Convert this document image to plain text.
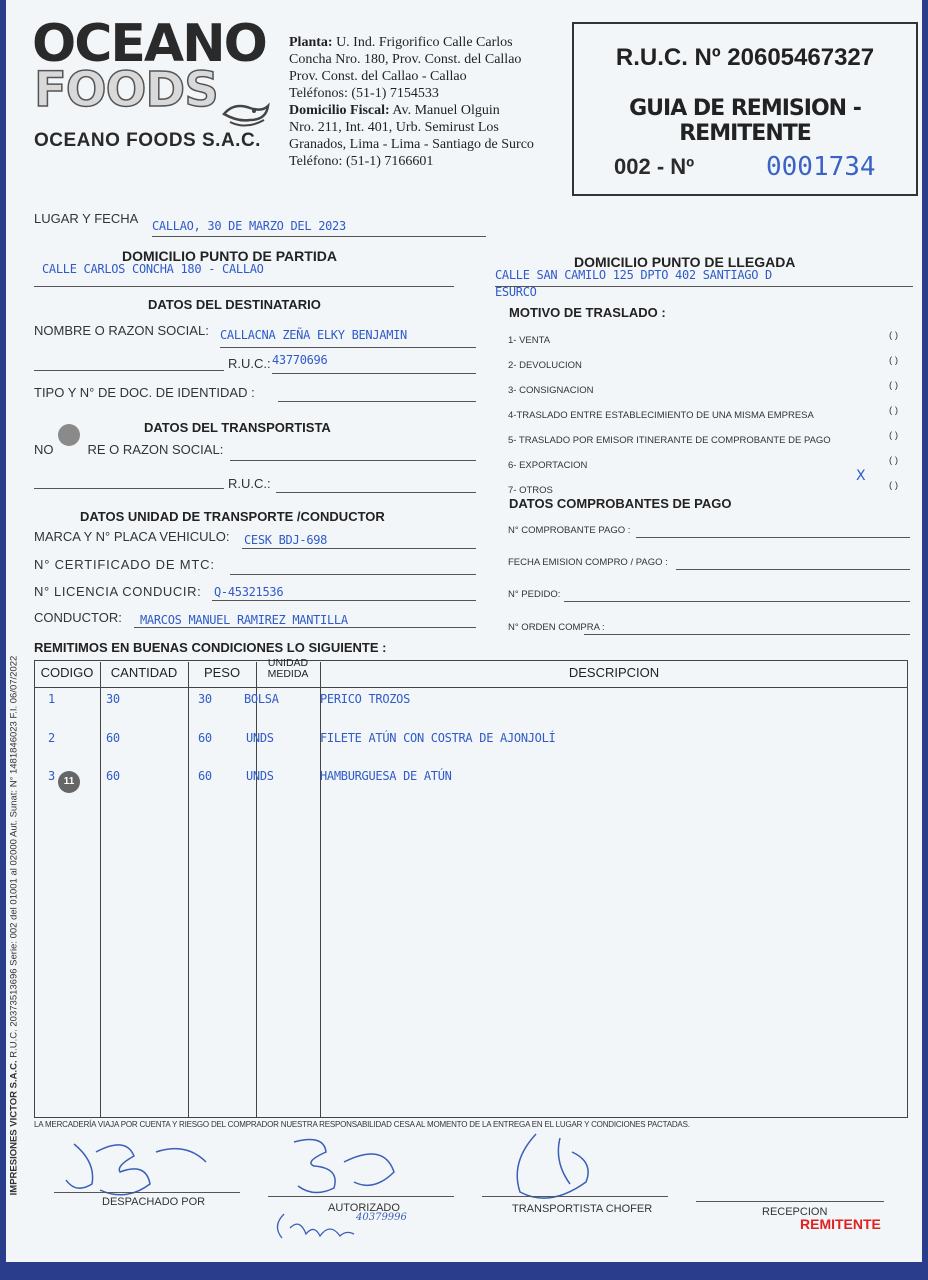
OCEANO
FOODS
OCEANO FOODS S.A.C.
Planta: U. Ind. Frigorifico Calle Carlos
Concha Nro. 180, Prov. Const. del Callao
Prov. Const. del Callao - Callao
Teléfonos: (51-1) 7154533
Domicilio Fiscal: Av. Manuel Olguin
Nro. 211, Int. 401, Urb. Semirust Los
Granados, Lima - Lima - Santiago de Surco
Teléfono: (51-1) 7166601
R.U.C. Nº 20605467327
GUIA DE REMISION - REMITENTE
002 - Nº	0001734
LUGAR Y FECHA CALLAO, 30 DE MARZO DEL 2023
DOMICILIO PUNTO DE PARTIDA
CALLE CARLOS CONCHA 180 - CALLAO	DOMICILIO PUNTO DE LLEGADA
CALLE SAN CAMILO 125 DPTO 402 SANTIAGO D
ESURCO
DATOS DEL DESTINATARIO
NOMBRE O RAZON SOCIAL: CALLACNA ZEÑA ELKY BENJAMIN
R.U.C.: 43770696
TIPO Y N° DE DOC. DE IDENTIDAD :
DATOS DEL TRANSPORTISTA
NO	RE O RAZON SOCIAL:
R.U.C.:
DATOS UNIDAD DE TRANSPORTE /CONDUCTOR
MARCA Y N° PLACA VEHICULO: CESK BDJ-698
N° CERTIFICADO DE MTC:
N° LICENCIA CONDUCIR: Q-45321536
CONDUCTOR: MARCOS MANUEL RAMIREZ MANTILLA
MOTIVO DE TRASLADO :
1- VENTA	( )
2- DEVOLUCION	( )
3- CONSIGNACION	( )
4-TRASLADO ENTRE ESTABLECIMIENTO DE UNA MISMA EMPRESA	( )
5- TRASLADO POR EMISOR ITINERANTE DE COMPROBANTE DE PAGO	( )
6- EXPORTACION	( )
7- OTROS	( )
X
DATOS COMPROBANTES DE PAGO
N° COMPROBANTE PAGO :
FECHA EMISION COMPRO / PAGO :
N° PEDIDO:
N° ORDEN COMPRA :
REMITIMOS EN BUENAS CONDICIONES LO SIGUIENTE :
CODIGO	CANTIDAD	PESO
UNIDAD
MEDIDA	DESCRIPCION
1	30	30	BOLSA	PERICO TROZOS
2	60	60	UNDS	FILETE ATÚN CON COSTRA DE AJONJOLÍ
3	60	60	UNDS	HAMBURGUESA DE ATÚN
11
LA MERCADERÍA VIAJA POR CUENTA Y RIESGO DEL COMPRADOR NUESTRA RESPONSABILIDAD CESA AL MOMENTO DE LA ENTREGA EN EL LUGAR Y CONDICIONES PACTADAS.
DESPACHADO POR	AUTORIZADO	TRANSPORTISTA CHOFER	RECEPCION
REMITENTE
40379996
IMPRESIONES VICTOR S.A.C. R.U.C. 20373513696 Serie: 002 del 01001 al 02000 Aut. Sunat: N° 1481846023 F.I. 06/07/2022
